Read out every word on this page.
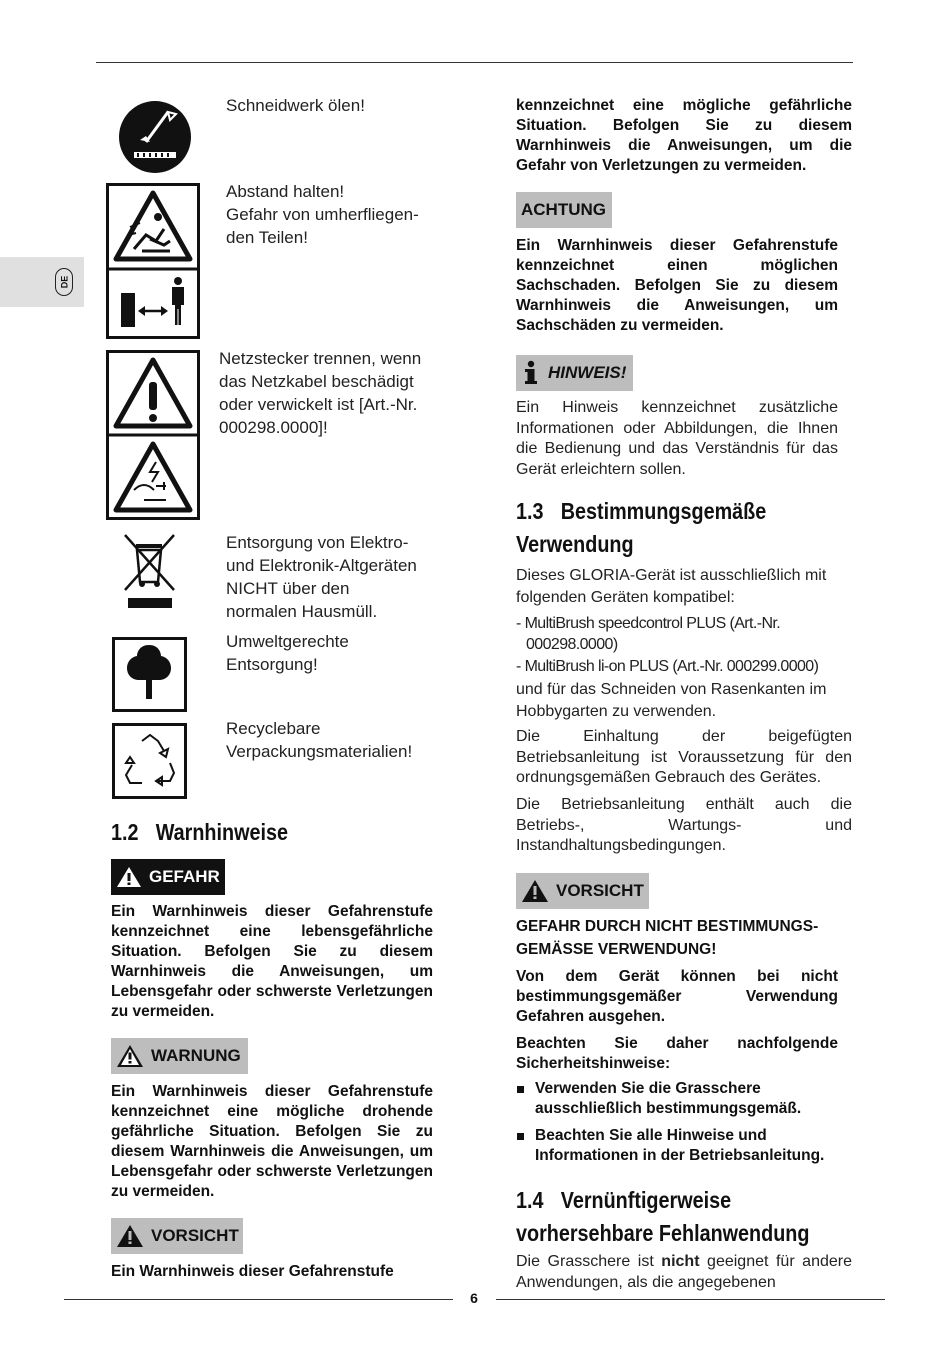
DE
Schneidwerk ölen!
Abstand halten!
Gefahr von umherfliegen-
den Teilen!
Netzstecker trennen, wenn
das Netzkabel beschädigt
oder verwickelt ist [Art.-Nr.
000298.0000]!
Entsorgung von Elektro-
und Elektronik-Altgeräten
NICHT über den
normalen Hausmüll.
Umweltgerechte
Entsorgung!
Recyclebare
Verpackungsmaterialien!
1.2 Warnhinweise
GEFAHR
Ein Warnhinweis dieser Gefahrenstufe kennzeichnet eine lebensgefährliche Situation. Befolgen Sie zu diesem Warnhinweis die Anweisungen, um Lebensgefahr oder schwerste Verletzungen zu vermeiden.
WARNUNG
Ein Warnhinweis dieser Gefahrenstufe kennzeichnet eine mögliche drohende gefährliche Situation. Befolgen Sie zu diesem Warnhinweis die Anweisungen, um Lebensgefahr oder schwerste Verletzungen zu vermeiden.
VORSICHT
Ein Warnhinweis dieser Gefahrenstufe
kennzeichnet eine mögliche gefährliche Situation. Befolgen Sie zu diesem Warnhinweis die Anweisungen, um die Gefahr von Verletzungen zu vermeiden.
ACHTUNG
Ein Warnhinweis dieser Gefahrenstufe kennzeichnet einen möglichen Sachschaden. Befolgen Sie zu diesem Warnhinweis die Anweisungen, um Sachschäden zu vermeiden.
HINWEIS!
Ein Hinweis kennzeichnet zusätzliche Informationen oder Abbildungen, die Ihnen die Bedienung und das Verständnis für das Gerät erleichtern sollen.
1.3 Bestimmungsgemäße
Verwendung
Dieses GLORIA-Gerät ist ausschließlich mit folgenden Geräten kompatibel:
- MultiBrush speedcontrol PLUS (Art.-Nr.
000298.0000)
- MultiBrush li-on PLUS (Art.-Nr. 000299.0000)
und für das Schneiden von Rasenkanten im Hobbygarten zu verwenden.
Die Einhaltung der beigefügten Betriebsanleitung ist Voraussetzung für den ordnungsgemäßen Gebrauch des Gerätes.
Die Betriebsanleitung enthält auch die Betriebs-, Wartungs- und Instandhaltungsbedingungen.
VORSICHT
GEFAHR DURCH NICHT BESTIMMUNGS-GEMÄSSE VERWENDUNG!
Von dem Gerät können bei nicht bestimmungsgemäßer Verwendung Gefahren ausgehen.
Beachten Sie daher nachfolgende Sicherheitshinweise:
Verwenden Sie die Grasschere ausschließlich bestimmungsgemäß.
Beachten Sie alle Hinweise und Informationen in der Betriebsanleitung.
1.4 Vernünftigerweise
vorhersehbare Fehlanwendung
Die Grasschere ist nicht geeignet für andere Anwendungen, als die angegebenen
6
